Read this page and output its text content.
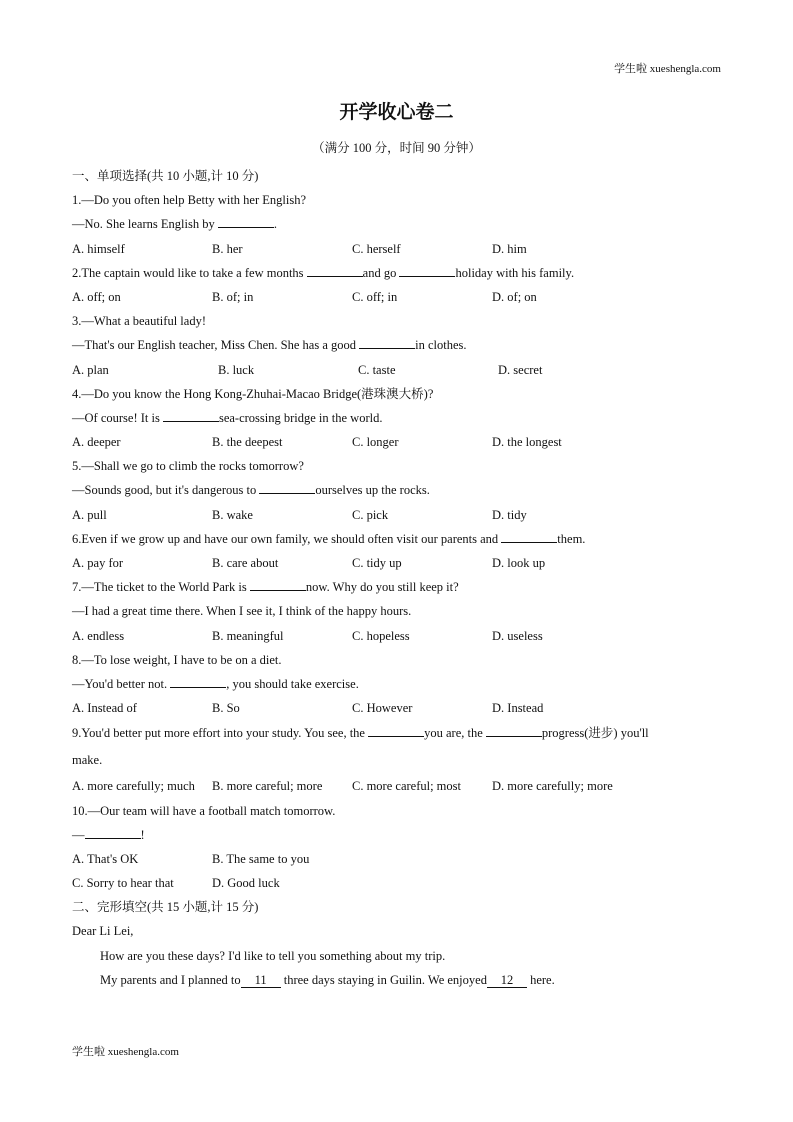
学生啦 xueshengla.com
开学收心卷二
（满分 100 分，时间 90 分钟）
一、单项选择(共 10 小题,计 10 分)
1.—Do you often help Betty with her English?
—No. She learns English by	.
A. himself	B. her	C. herself	D. him
2.The captain would like to take a few months	and go	holiday with his family.
A. off; on	B. of; in	C. off; in	D. of; on
3.—What a beautiful lady!
—That's our English teacher, Miss Chen. She has a good	in clothes.
A. plan	B. luck	C. taste	D. secret
4.—Do you know the Hong Kong-Zhuhai-Macao Bridge(港珠澳大桥)?
—Of course! It is	sea-crossing bridge in the world.
A. deeper	B. the deepest	C. longer	D. the longest
5.—Shall we go to climb the rocks tomorrow?
—Sounds good, but it's dangerous to	ourselves up the rocks.
A. pull	B. wake	C. pick	D. tidy
6.Even if we grow up and have our own family, we should often visit our parents and	them.
A. pay for	B. care about	C. tidy up	D. look up
7.—The ticket to the World Park is	now. Why do you still keep it?
—I had a great time there. When I see it, I think of the happy hours.
A. endless	B. meaningful	C. hopeless	D. useless
8.—To lose weight, I have to be on a diet.
—You'd better not.	, you should take exercise.
A. Instead of	B. So	C. However	D. Instead
9.You'd better put more effort into your study. You see, the	you are, the	progress(进步) you'll
make.
A. more carefully; much B. more careful; more C. more careful; most D. more carefully; more
10.—Our team will have a football match tomorrow.
—	!
A. That's OK	B. The same to you
C. Sorry to hear that	D. Good luck
二、完形填空(共 15 小题,计 15 分)
Dear Li Lei,
How are you these days? I'd like to tell you something about my trip.
My parents and I planned to 11 three days staying in Guilin. We enjoyed 12 here.
学生啦 xueshengla.com
